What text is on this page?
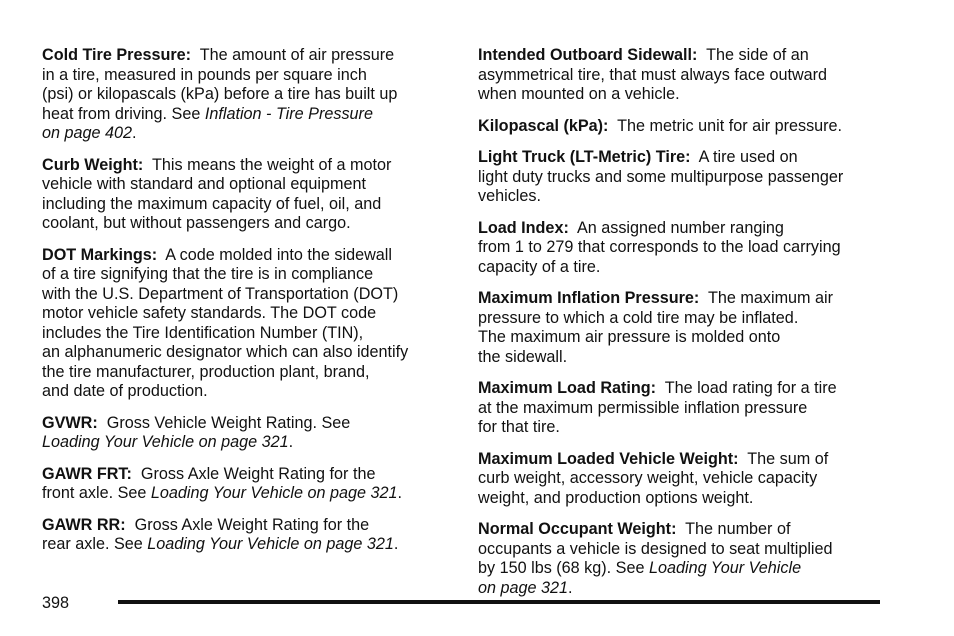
Cold Tire Pressure:  The amount of air pressure
in a tire, measured in pounds per square inch
(psi) or kilopascals (kPa) before a tire has built up
heat from driving. See Inflation - Tire Pressure
on page 402.
Curb Weight:  This means the weight of a motor
vehicle with standard and optional equipment
including the maximum capacity of fuel, oil, and
coolant, but without passengers and cargo.
DOT Markings:  A code molded into the sidewall
of a tire signifying that the tire is in compliance
with the U.S. Department of Transportation (DOT)
motor vehicle safety standards. The DOT code
includes the Tire Identification Number (TIN),
an alphanumeric designator which can also identify
the tire manufacturer, production plant, brand,
and date of production.
GVWR:  Gross Vehicle Weight Rating. See
Loading Your Vehicle on page 321.
GAWR FRT:  Gross Axle Weight Rating for the
front axle. See Loading Your Vehicle on page 321.
GAWR RR:  Gross Axle Weight Rating for the
rear axle. See Loading Your Vehicle on page 321.
Intended Outboard Sidewall:  The side of an
asymmetrical tire, that must always face outward
when mounted on a vehicle.
Kilopascal (kPa):  The metric unit for air pressure.
Light Truck (LT-Metric) Tire:  A tire used on
light duty trucks and some multipurpose passenger
vehicles.
Load Index:  An assigned number ranging
from 1 to 279 that corresponds to the load carrying
capacity of a tire.
Maximum Inflation Pressure:  The maximum air
pressure to which a cold tire may be inflated.
The maximum air pressure is molded onto
the sidewall.
Maximum Load Rating:  The load rating for a tire
at the maximum permissible inflation pressure
for that tire.
Maximum Loaded Vehicle Weight:  The sum of
curb weight, accessory weight, vehicle capacity
weight, and production options weight.
Normal Occupant Weight:  The number of
occupants a vehicle is designed to seat multiplied
by 150 lbs (68 kg). See Loading Your Vehicle
on page 321.
398
